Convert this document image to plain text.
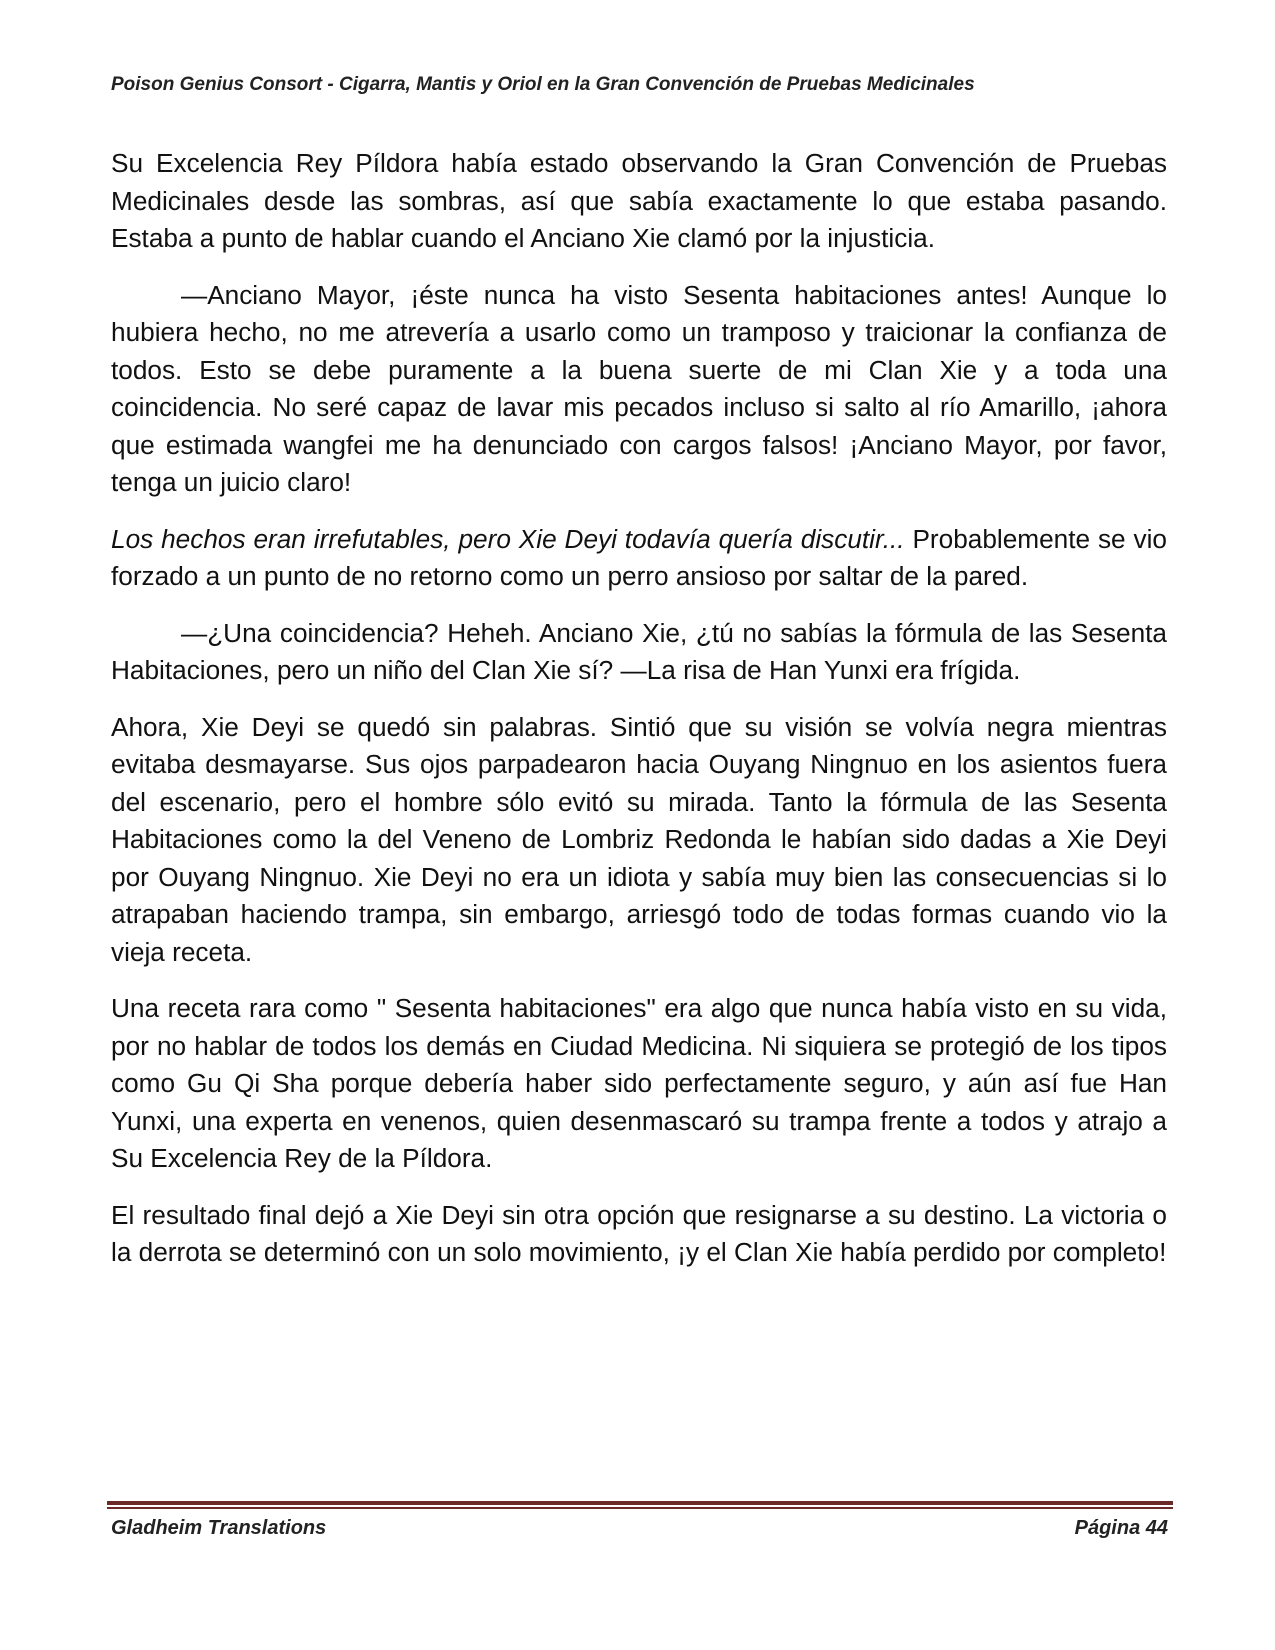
Poison Genius Consort - Cigarra, Mantis y Oriol en la Gran Convención de Pruebas Medicinales

Su Excelencia Rey Píldora había estado observando la Gran Convención de Pruebas Medicinales desde las sombras, así que sabía exactamente lo que estaba pasando. Estaba a punto de hablar cuando el Anciano Xie clamó por la injusticia.

—Anciano Mayor, ¡éste nunca ha visto Sesenta habitaciones antes! Aunque lo hubiera hecho, no me atrevería a usarlo como un tramposo y traicionar la confianza de todos. Esto se debe puramente a la buena suerte de mi Clan Xie y a toda una coincidencia. No seré capaz de lavar mis pecados incluso si salto al río Amarillo, ¡ahora que estimada wangfei me ha denunciado con cargos falsos! ¡Anciano Mayor, por favor, tenga un juicio claro!

Los hechos eran irrefutables, pero Xie Deyi todavía quería discutir... Probablemente se vio forzado a un punto de no retorno como un perro ansioso por saltar de la pared.

—¿Una coincidencia? Heheh. Anciano Xie, ¿tú no sabías la fórmula de las Sesenta Habitaciones, pero un niño del Clan Xie sí? —La risa de Han Yunxi era frígida.

Ahora, Xie Deyi se quedó sin palabras. Sintió que su visión se volvía negra mientras evitaba desmayarse. Sus ojos parpadearon hacia Ouyang Ningnuo en los asientos fuera del escenario, pero el hombre sólo evitó su mirada. Tanto la fórmula de las Sesenta Habitaciones como la del Veneno de Lombriz Redonda le habían sido dadas a Xie Deyi por Ouyang Ningnuo. Xie Deyi no era un idiota y sabía muy bien las consecuencias si lo atrapaban haciendo trampa, sin embargo, arriesgó todo de todas formas cuando vio la vieja receta.

Una receta rara como " Sesenta habitaciones" era algo que nunca había visto en su vida, por no hablar de todos los demás en Ciudad Medicina. Ni siquiera se protegió de los tipos como Gu Qi Sha porque debería haber sido perfectamente seguro, y aún así fue Han Yunxi, una experta en venenos, quien desenmascaró su trampa frente a todos y atrajo a Su Excelencia Rey de la Píldora.

El resultado final dejó a Xie Deyi sin otra opción que resignarse a su destino. La victoria o la derrota se determinó con un solo movimiento, ¡y el Clan Xie había perdido por completo!

Gladheim Translations	Página 44
